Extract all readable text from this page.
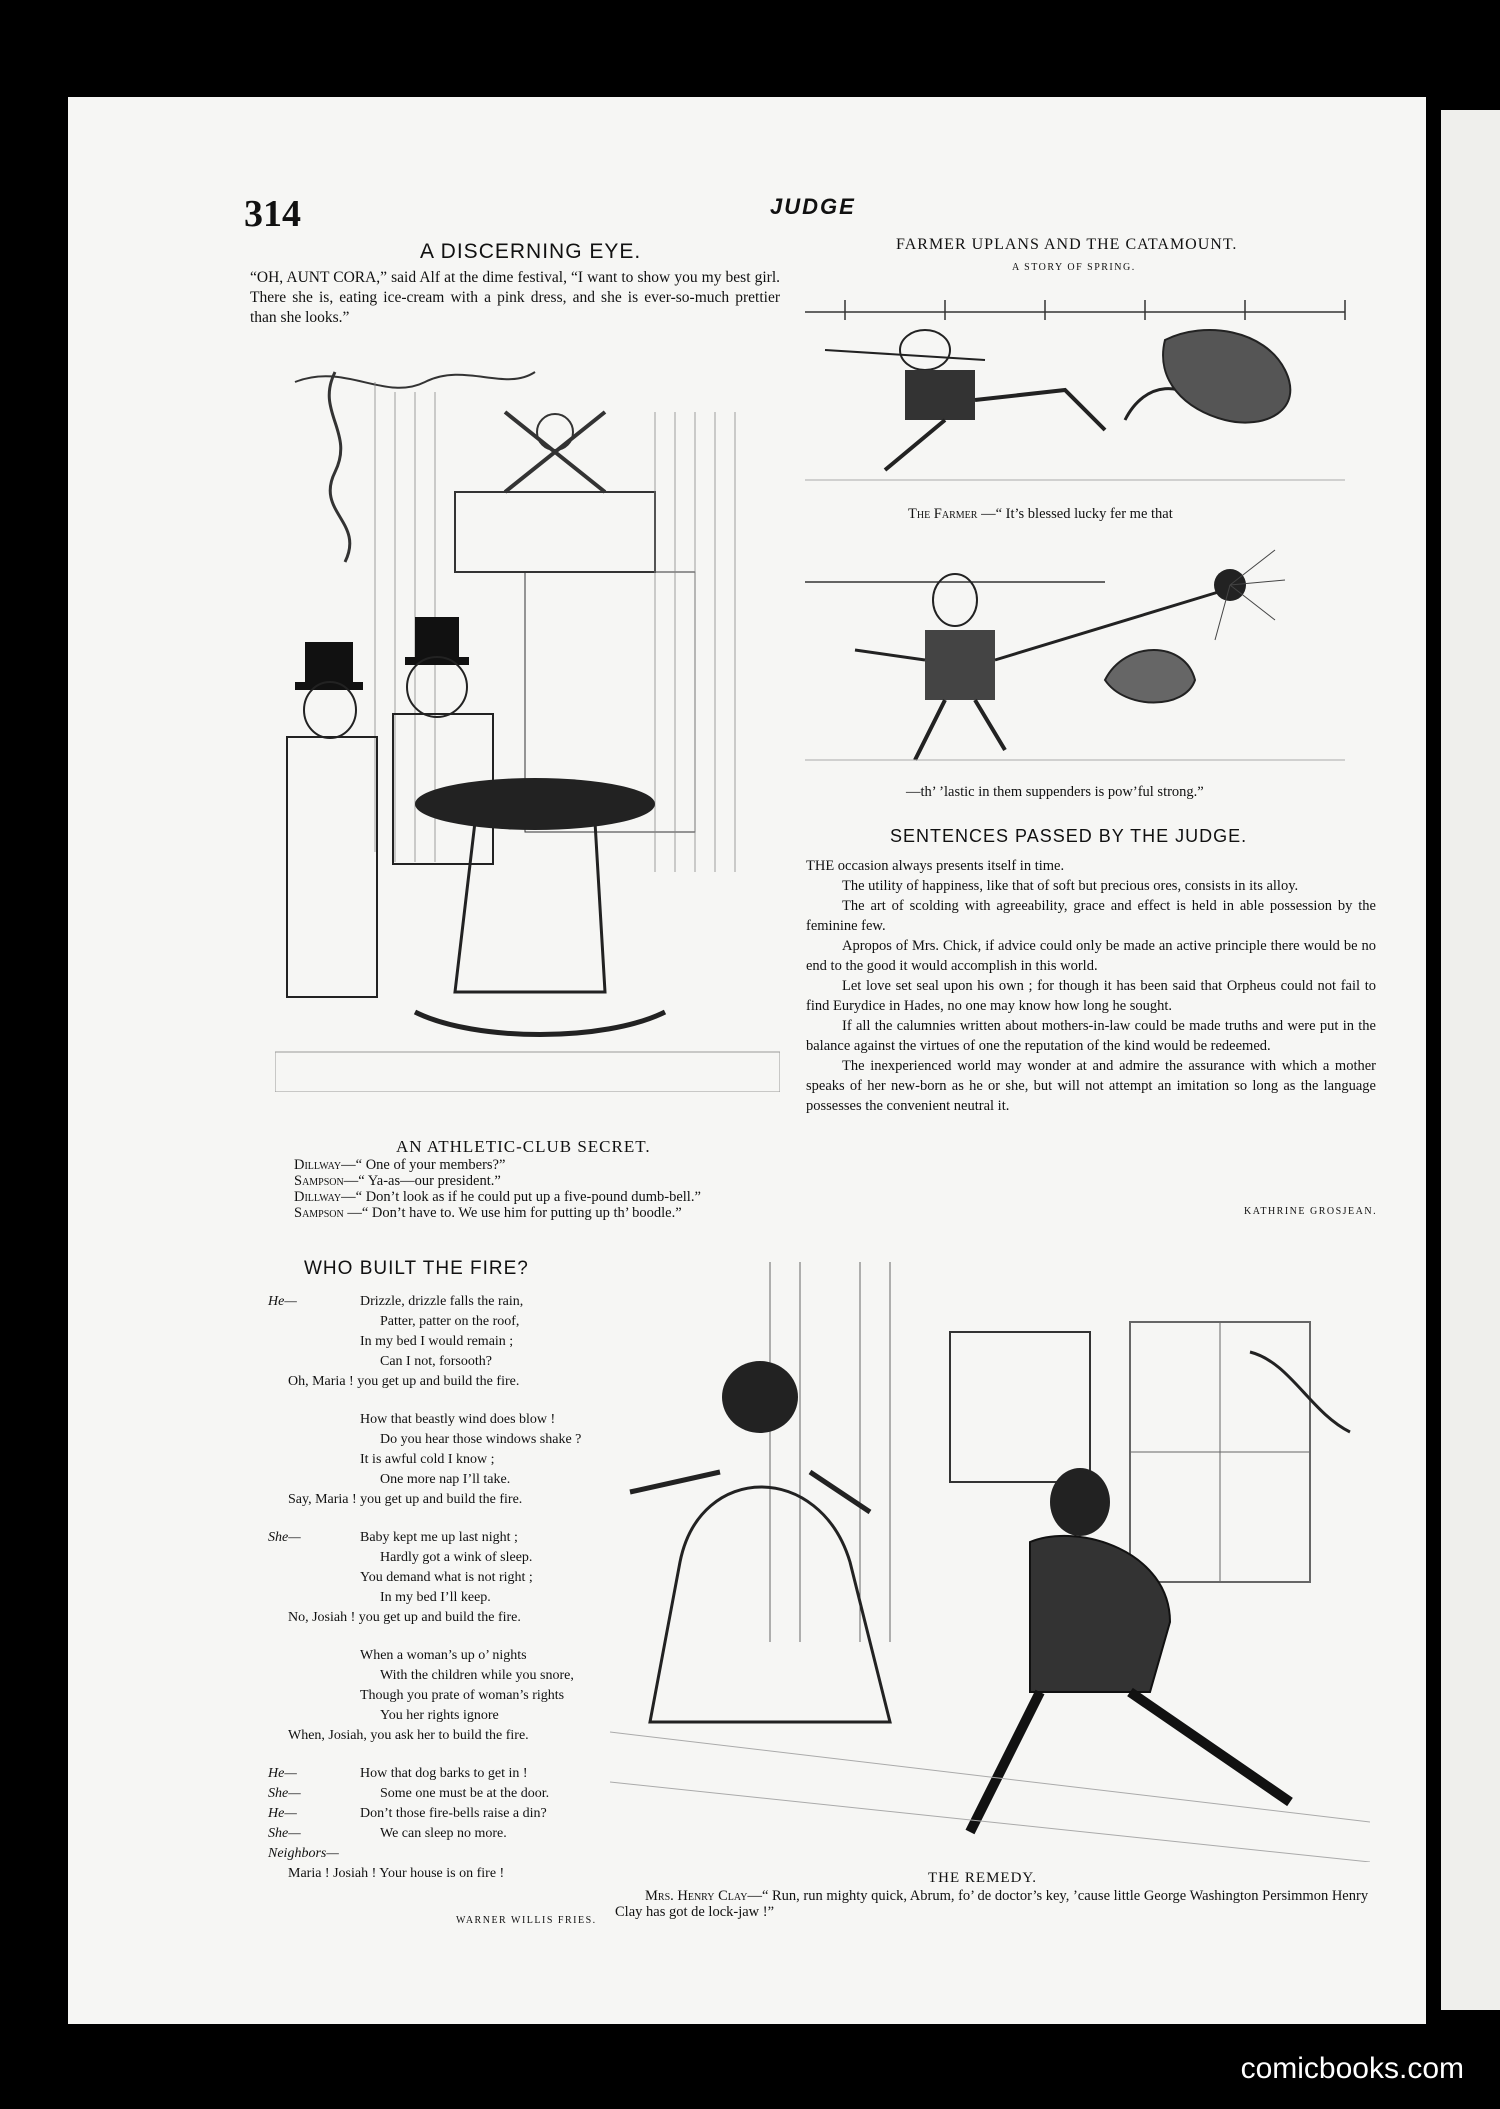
314	JUDGE
A DISCERNING EYE.
“OH, AUNT CORA,” said Alf at the dime festival, “I want to show you my best girl. There she is, eating ice-cream with a pink dress, and she is ever-so-much prettier than she looks.”
AN ATHLETIC-CLUB SECRET.
Dillway—“ One of your members?”
Sampson—“ Ya-as—our president.”
Dillway—“ Don’t look as if he could put up a five-pound dumb-bell.”
Sampson —“ Don’t have to. We use him for putting up th’ boodle.”
FARMER UPLANS AND THE CATAMOUNT.
A STORY OF SPRING.
The Farmer —“ It’s blessed lucky fer me that
—th’ ’lastic in them suppenders is pow’ful strong.”
SENTENCES PASSED BY THE JUDGE.
THE occasion always presents itself in time.
The utility of happiness, like that of soft but precious ores, consists in its alloy.
The art of scolding with agreeability, grace and effect is held in able possession by the feminine few.
Apropos of Mrs. Chick, if advice could only be made an active principle there would be no end to the good it would accomplish in this world.
Let love set seal upon his own ; for though it has been said that Orpheus could not fail to find Eurydice in Hades, no one may know how long he sought.
If all the calumnies written about mothers-in-law could be made truths and were put in the balance against the virtues of one the reputation of the kind would be redeemed.
The inexperienced world may wonder at and admire the assurance with which a mother speaks of her new-born as he or she, but will not attempt an imitation so long as the language possesses the convenient neutral it.
KATHRINE GROSJEAN.
WHO BUILT THE FIRE?
He—	Drizzle, drizzle falls the rain,
Patter, patter on the roof,
In my bed I would remain ;
Can I not, forsooth?
Oh, Maria ! you get up and build the fire.
How that beastly wind does blow !
Do you hear those windows shake ?
It is awful cold I know ;
One more nap I’ll take.
Say, Maria ! you get up and build the fire.
She—	Baby kept me up last night ;
Hardly got a wink of sleep.
You demand what is not right ;
In my bed I’ll keep.
No, Josiah ! you get up and build the fire.
When a woman’s up o’ nights
With the children while you snore,
Though you prate of woman’s rights
You her rights ignore
When, Josiah, you ask her to build the fire.
He—	How that dog barks to get in !
She—	Some one must be at the door.
He—	Don’t those fire-bells raise a din?
She—	We can sleep no more.
Neighbors—
Maria ! Josiah ! Your house is on fire !
WARNER WILLIS FRIES.
THE REMEDY.
Mrs. Henry Clay—“ Run, run mighty quick, Abrum, fo’ de doctor’s key, ’cause little George Washington Persimmon Henry Clay has got de lock-jaw !”
comicbooks.com
